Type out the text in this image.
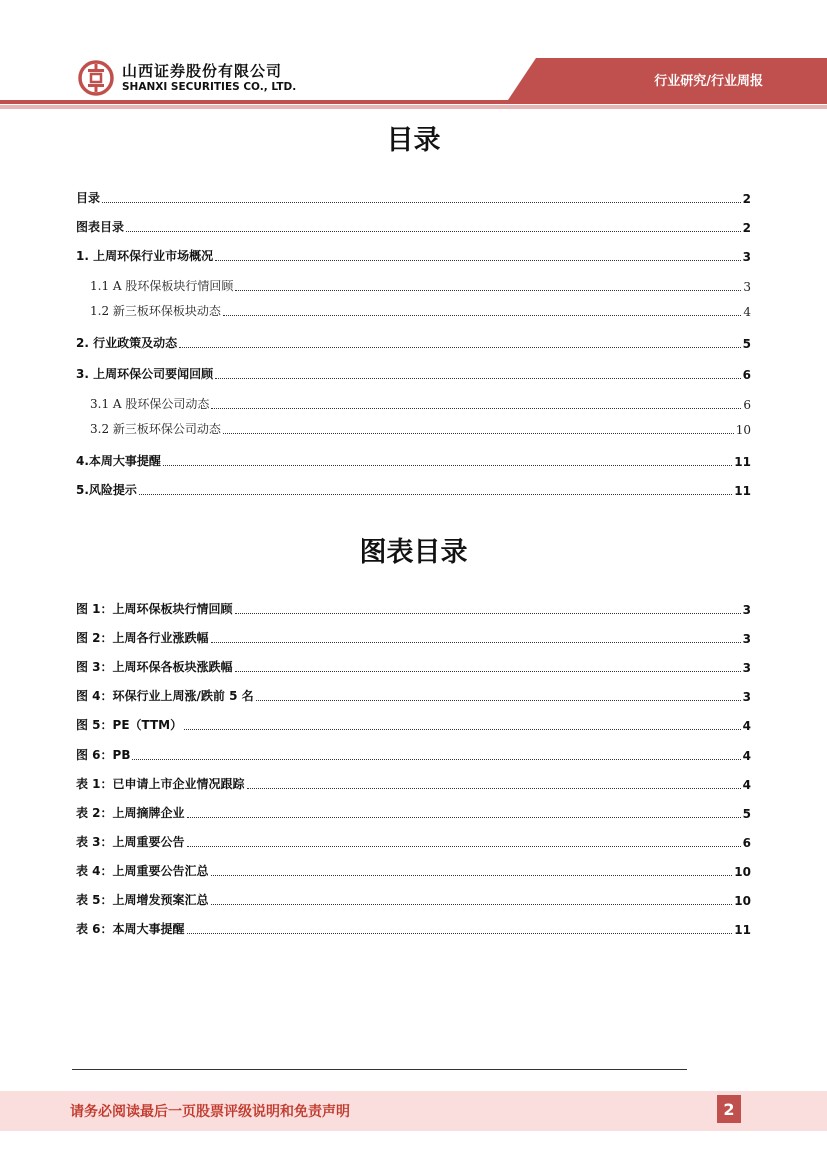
山西证券股份有限公司
SHANXI SECURITIES CO., LTD.	行业研究/行业周报
目录
目录	2
图表目录	2
1. 上周环保行业市场概况	3
1.1 A 股环保板块行情回顾	3
1.2 新三板环保板块动态	4
2. 行业政策及动态	5
3. 上周环保公司要闻回顾	6
3.1 A 股环保公司动态	6
3.2 新三板环保公司动态	10
4.本周大事提醒	11
5.风险提示	11
图表目录
图 1：上周环保板块行情回顾	3
图 2：上周各行业涨跌幅	3
图 3：上周环保各板块涨跌幅	3
图 4：环保行业上周涨/跌前 5 名	3
图 5：PE（TTM）	4
图 6：PB	4
表 1：已申请上市企业情况跟踪	4
表 2：上周摘牌企业	5
表 3：上周重要公告	6
表 4：上周重要公告汇总	10
表 5：上周增发预案汇总	10
表 6：本周大事提醒	11
请务必阅读最后一页股票评级说明和免责声明	2
